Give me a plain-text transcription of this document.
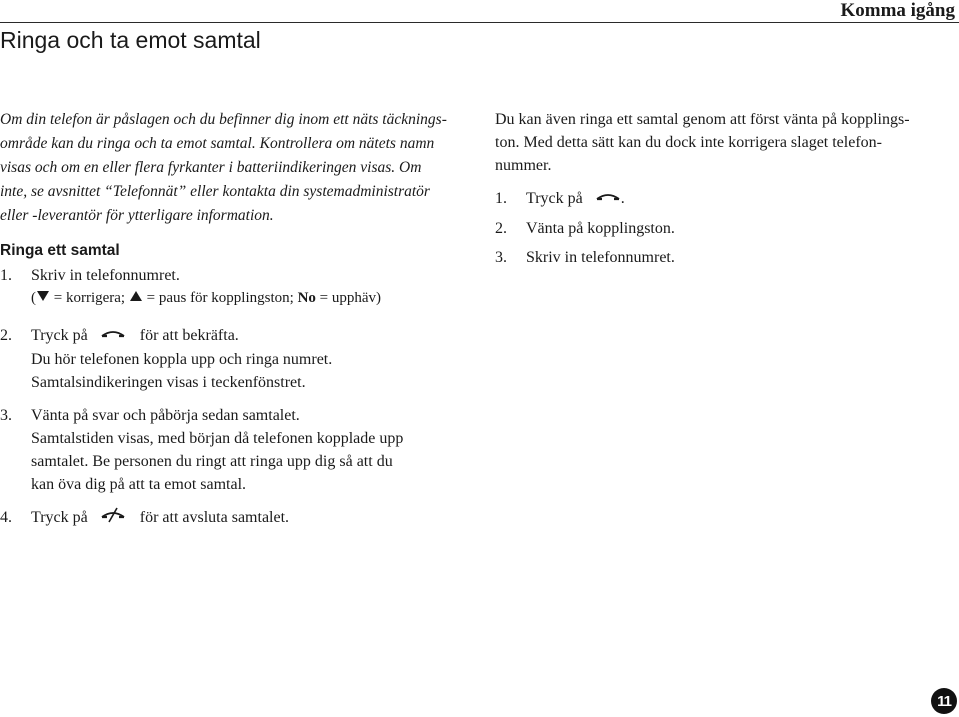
Komma igång
Ringa och ta emot samtal

Om din telefon är påslagen och du befinner dig inom ett näts täcknings-
område kan du ringa och ta emot samtal. Kontrollera om nätets namn
visas och om en eller flera fyrkanter i batteriindikeringen visas. Om
inte, se avsnittet “Telefonnät” eller kontakta din systemadministratör
eller -leverantör för ytterligare information.

Ringa ett samtal
1. Skriv in telefonnumret.
( = korrigera; = paus för kopplingston; No = upphäv)
2. Tryck på	för att bekräfta.
Du hör telefonen koppla upp och ringa numret.
Samtalsindikeringen visas i teckenfönstret.
3. Vänta på svar och påbörja sedan samtalet.
Samtalstiden visas, med början då telefonen kopplade upp
samtalet. Be personen du ringt att ringa upp dig så att du
kan öva dig på att ta emot samtal.
4. Tryck på	för att avsluta samtalet.

Du kan även ringa ett samtal genom att först vänta på kopplings-
ton. Med detta sätt kan du dock inte korrigera slaget telefon-
nummer.

1. Tryck på .
2. Vänta på kopplingston.
3. Skriv in telefonnumret.
11
